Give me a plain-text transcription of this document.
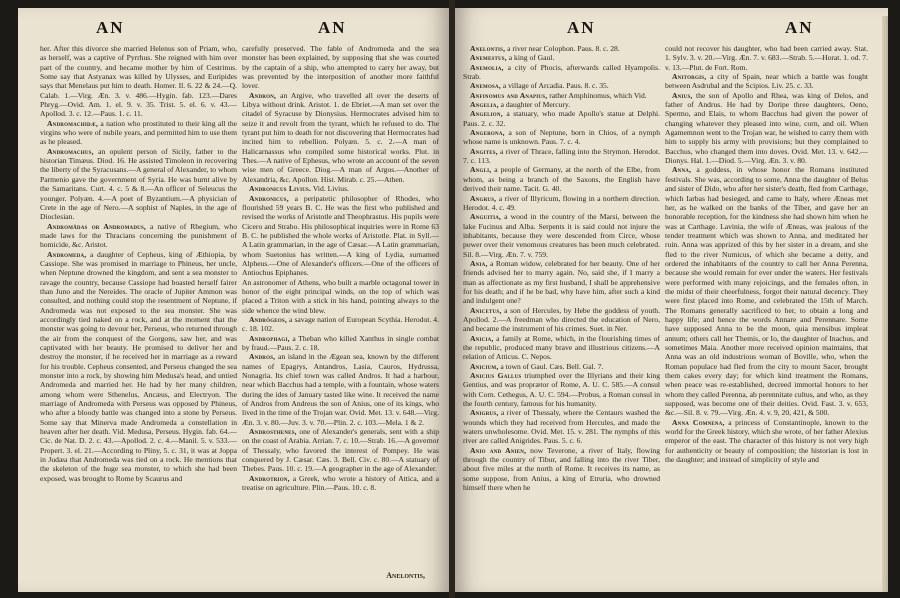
AN	AN

her. After this divorce she married Helenus son of Priam, who, as herself, was a captive of Pyrrhus. She reigned with him over part of the country, and became mother by him of Cestrinus. Some say that Astyanax was killed by Ulysses, and Euripides says that Menelaus put him to death. Homer. Il. 6. 22 & 24.—Q. Calab. 1.—Virg. Æn. 3. v. 486.—Hygin. fab. 123.—Dares Phryg.—Ovid. Am. 1. el. 9. v. 35. Trist. 5. el. 6. v. 43.—Apollod. 3. c. 12.—Paus. 1. c. 11.

Andromachidæ, a nation who prostituted to their king all the virgins who were of nubile years, and permitted him to use them as he pleased.

Andromachus, an opulent person of Sicily, father to the historian Timæus. Diod. 16. He assisted Timoleon in recovering the liberty of the Syracusans.—A general of Alexander, to whom Parmenio gave the government of Syria. He was burnt alive by the Samaritans. Curt. 4. c. 5 & 8.—An officer of Seleucus the younger. Polyæn. 4.—A poet of Byzantium.—A physician of Crete in the age of Nero.—A sophist of Naples, in the age of Dioclesian.

Andromădas or Andromadus, a native of Rhegium, who made laws for the Thracians concerning the punishment of homicide, &c. Aristot.

Andromeda, a daughter of Cepheus, king of Æthiopia, by Cassiope. She was promised in marriage to Phineus, her uncle, when Neptune drowned the kingdom, and sent a sea monster to ravage the country, because Cassiope had boasted herself fairer than Juno and the Nereides. The oracle of Jupiter Ammon was consulted, and nothing could stop the resentment of Neptune, if Andromeda was not exposed to the sea monster. She was accordingly tied naked on a rock, and at the moment that the monster was going to devour her, Perseus, who returned through the air from the conquest of the Gorgons, saw her, and was captivated with her beauty. He promised to deliver her and destroy the monster, if he received her in marriage as a reward for his trouble. Cepheus consented, and Perseus changed the sea monster into a rock, by showing him Medusa's head, and untied Andromeda and married her. He had by her many children, among whom were Sthenelus, Ancæus, and Electryon. The marriage of Andromeda with Perseus was opposed by Phineus, who after a bloody battle was changed into a stone by Perseus. Some say that Minerva made Andromeda a constellation in heaven after her death. Vid. Medusa, Perseus. Hygin. fab. 64.—Cic. de Nat. D. 2. c. 43.—Apollod. 2. c. 4.—Manil. 5. v. 533.—Propert. 3. el. 21.—According to Pliny, 5. c. 31, it was at Joppa in Judæa that Andromeda was tied on a rock. He mentions that the skeleton of the huge sea monster, to which she had been exposed, was brought to Rome by Scaurus and

carefully preserved. The fable of Andromeda and the sea monster has been explained, by supposing that she was courted by the captain of a ship, who attempted to carry her away, but was prevented by the interposition of another more faithful lover.

Andron, an Argive, who travelled all over the deserts of Libya without drink. Aristot. 1. de Ebriet.—A man set over the citadel of Syracuse by Dionysius. Hermocrates advised him to seize it and revolt from the tyrant, which he refused to do. The tyrant put him to death for not discovering that Hermocrates had incited him to rebellion. Polyæn. 5. c. 2.—A man of Halicarnassus who compiled some historical works. Plut. in Thes.—A native of Ephesus, who wrote an account of the seven wise men of Greece. Diog.—A man of Argos.—Another of Alexandria, &c. Apollon. Hist. Mirab. c. 25.—Athen.

Andronicus Livius. Vid. Livius.

Andronicus, a peripatetic philosopher of Rhodes, who flourished 59 years B. C. He was the first who published and revised the works of Aristotle and Theophrastus. His pupils were Cicero and Strabo. His philosophical inquiries were in Rome 63 B. C. he published the whole works of Aristotle. Plat. in Syll.—A Latin grammarian, in the age of Cæsar.—A Latin grammarian, whom Suetonius has written.—A king of Lydia, surnamed Alpheus.—One of Alexander's officers.—One of the officers of Antiochus Epiphanes.

An astronomer of Athens, who built a marble octagonal tower in honor of the eight principal winds, on the top of which was placed a Triton with a stick in his hand, pointing always to the side whence the wind blew.

Andrŏgeos, a savage nation of European Scythia. Herodot. 4. c. 18. 102.

Androphagi, a Theban who killed Xanthus in single combat by fraud.—Paus. 2. c. 18.

Andros, an island in the Ægean sea, known by the different names of Epagrys, Antandros, Lasia, Cauros, Hydrussa, Nonagria. Its chief town was called Andros. It had a harbour, near which Bacchus had a temple, with a fountain, whose waters during the ides of January tasted like wine. It received the name of Andros from Andreus the son of Anius, one of its kings, who lived in the time of the Trojan war. Ovid. Met. 13. v. 648.—Virg. Æn. 3. v. 80.—Juv. 3. v. 70.—Plin. 2. c. 103.—Mela. 1 & 2.

Androsthenes, one of Alexander's generals, sent with a ship on the coast of Arabia. Arrian. 7. c. 10.—Strab. 16.—A governor of Thessaly, who favored the interest of Pompey. He was conquered by J. Cæsar. Cæs. 3. Bell. Civ. c. 80.—A statuary of Thebes. Paus. 10. c. 19.—A geographer in the age of Alexander.

Androtrion, a Greek, who wrote a history of Attica, and a treatise on agriculture. Plin.—Paus. 10. c. 8.

Anelontis,
AN	AN

Anelontis, a river near Colophon. Paus. 8. c. 28.

Anemestus, a king of Gaul.

Anemolia, a city of Phocis, afterwards called Hyampolis. Strab.

Anemosa, a village of Arcadia. Paus. 8. c. 35.

Anfinomus and Anapius, rather Amphinomus, which Vid.

Angelia, a daughter of Mercury.

Angelion, a statuary, who made Apollo's statue at Delphi. Paus. 2. c. 32.

Angerona, a son of Neptune, born in Chios, of a nymph whose name is unknown. Paus. 7. c. 4.

Angites, a river of Thrace, falling into the Strymon. Herodot. 7. c. 113.

Angli, a people of Germany, at the north of the Elbe, from whom, as being a branch of the Saxons, the English have derived their name. Tacit. G. 40.

Angrus, a river of Illyricum, flowing in a northern direction. Herodot. 4. c. 49.

Anguitia, a wood in the country of the Marsi, between the lake Fucinus and Alba. Serpents it is said could not injure the inhabitants, because they were descended from Circe, whose power over their venomous creatures has been much celebrated. Sil. 8.—Virg. Æn. 7. v. 759.

Ania, a Roman widow, celebrated for her beauty. One of her friends advised her to marry again. No, said she, if I marry a man as affectionate as my first husband, I shall be apprehensive for his death; and if he be bad, why have him, after such a kind and indulgent one?

Anicetus, a son of Hercules, by Hebe the goddess of youth. Apollod. 2.—A freedman who directed the education of Nero, and became the instrument of his crimes. Suet. in Ner.

Anicia, a family at Rome, which, in the flourishing times of the republic, produced many brave and illustrious citizens.—A relation of Atticus. C. Nepos.

Anicium, a town of Gaul. Cæs. Bell. Gal. 7.

Anicius Gallus triumphed over the Illyrians and their king Gentius, and was proprætor of Rome, A. U. C. 585.—A consul with Corn. Cethegus, A. U. C. 594.—Probus, a Roman consul in the fourth century, famous for his humanity.

Anigrus, a river of Thessaly, where the Centaurs washed the wounds which they had received from Hercules, and made the waters unwholesome. Ovid. Met. 15. v. 281. The nymphs of this river are called Anigrides. Paus. 5. c. 6.

Anio and Anien, now Teverone, a river of Italy, flowing through the country of Tibur, and falling into the river Tiber, about five miles at the north of Rome. It receives its name, as some suppose, from Anius, a king of Etruria, who drowned himself there when he

could not recover his daughter, who had been carried away. Stat. 1. Sylv. 3. v. 20.—Virg. Æn. 7. v. 683.—Strab. 5.—Horat. 1. od. 7. v. 13.—Plut. de Fort. Rom.

Anitorgis, a city of Spain, near which a battle was fought between Asdrubal and the Scipios. Liv. 25. c. 33.

Anius, the son of Apollo and Rhea, was king of Delos, and father of Andrus. He had by Doripe three daughters, Oeno, Spermo, and Elais, to whom Bacchus had given the power of changing whatever they pleased into wine, corn, and oil. When Agamemnon went to the Trojan war, he wished to carry them with him to supply his army with provisions; but they complained to Bacchus, who changed them into doves. Ovid. Met. 13. v. 642.—Dionys. Hal. 1.—Diod. 5.—Virg. Æn. 3. v. 80.

Anna, a goddess, in whose honor the Romans instituted festivals. She was, according to some, Anna the daughter of Belus and sister of Dido, who after her sister's death, fled from Carthage, which Iarbas had besieged, and came to Italy, where Æneas met her, as he walked on the banks of the Tiber, and gave her an honorable reception, for the kindness she had shown him when he was at Carthage. Lavinia, the wife of Æneas, was jealous of the tender treatment which was shown to Anna, and meditated her ruin. Anna was apprized of this by her sister in a dream, and she fled to the river Numicus, of which she became a deity, and ordered the inhabitants of the country to call her Anna Perenna, because she would remain for ever under the waters. Her festivals were performed with many rejoicings, and the females often, in the midst of their cheerfulness, forgot their natural decency. They were first placed into Rome, and celebrated the 15th of March. The Romans generally sacrificed to her, to obtain a long and happy life; and hence the words Annare and Perennare. Some have supposed Anna to be the moon, quia mensibus impleat annum; others call her Themis, or Io, the daughter of Inachus, and sometimes Maia. Another more received opinion maintains, that Anna was an old industrious woman of Boville, who, when the Roman populace had fled from the city to mount Sacer, brought them cakes every day; for which kind treatment the Romans, when peace was re-established, decreed immortal honors to her whom they called Perenna, ab perennitate cultus, and who, as they supposed, was become one of their deities. Ovid. Fast. 3. v. 653, &c.—Sil. 8. v. 79.—Virg. Æn. 4. v. 9, 20, 421, & 500.

Anna Comnena, a princess of Constantinople, known to the world for the Greek history, which she wrote, of her father Alexius emperor of the east. The character of this history is not very high for authenticity or beauty of composition; the historian is lost in the daughter; and instead of simplicity of style and
